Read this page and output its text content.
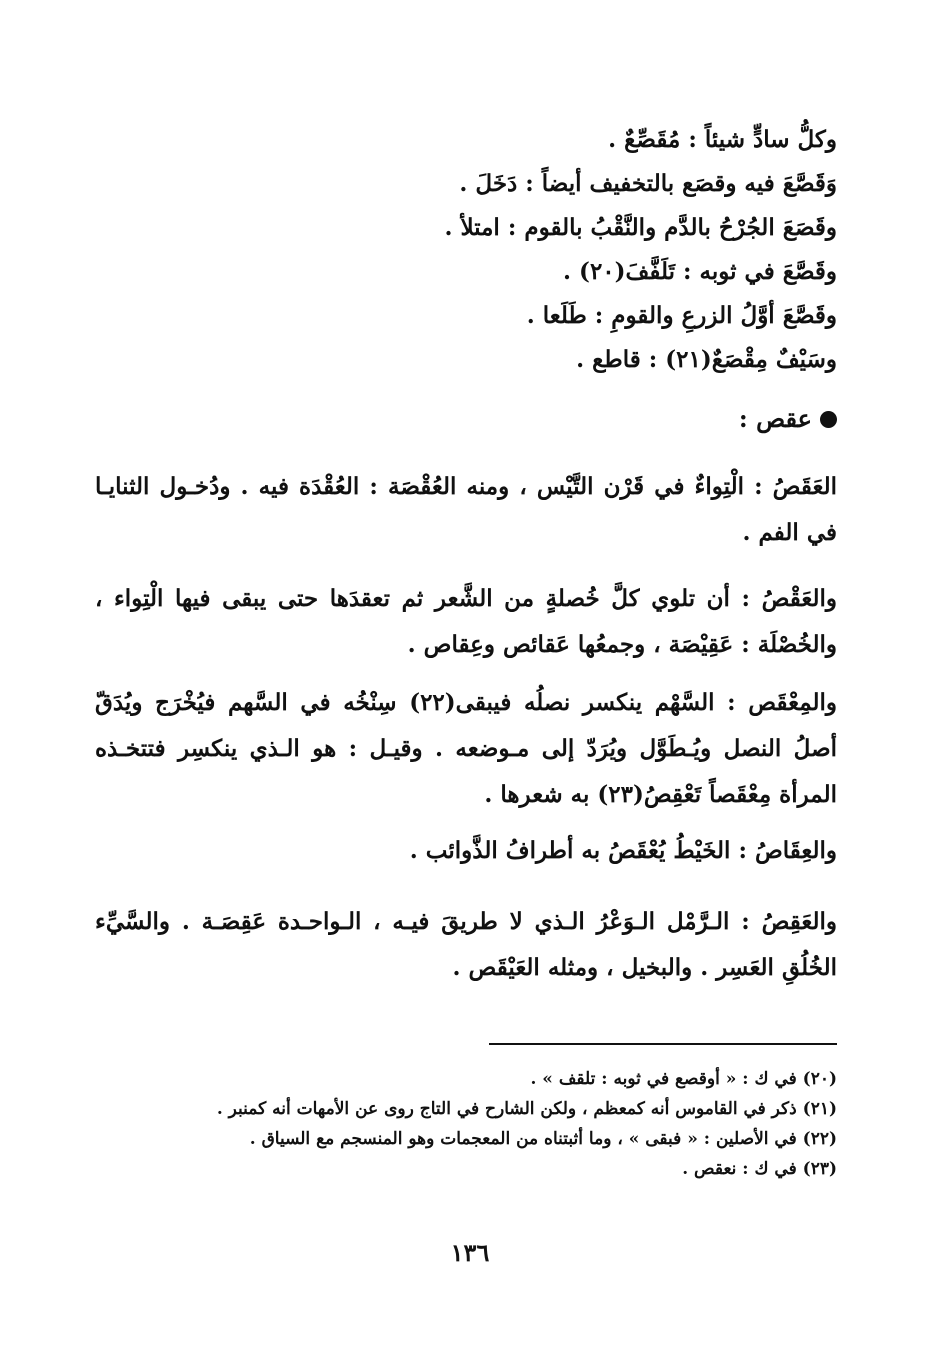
وكلُّ سادٍّ شيئاً : مُقَصِّعٌ .
وَقَصَّعَ فيه وقصَع بالتخفيف أيضاً : دَخَلَ .
وقَصَعَ الجُرْحُ بالدَّم والنَّقْبُ بالقوم : امتلأ .
وقَصَّعَ في ثوبه : تَلَفَّفَ(٢٠) .
وقَصَّعَ أوَّلُ الزرعِ والقومِ : طَلَعا .
وسَيْفٌ مِقْصَعٌ(٢١) : قاطع .
عقص :
العَقَصُ : الْتِواءٌ في قَرْن التَّيْس ، ومنه العُقْصَة : العُقْدَة فيه . ودُخـول الثنايـا في الفم .
والعَقْصُ : أن تلوي كلَّ خُصلةٍ من الشَّعر ثم تعقدَها حتى يبقى فيها الْتِواء ، والخُصْلَة : عَقِيْصَة ، وجمعُها عَقائص وعِقاص .
والمِعْقَص : السَّهْم ينكسر نصلُه فيبقى(٢٢) سِنْخُه في السَّهم فيُخْرَج ويُدَقّ أصلُ النصل ويُـطَوَّل ويُرَدّ إلى مـوضعه . وقيـل : هو الـذي ينكسِر فتتخـذه المرأة مِعْقَصاً تَعْقِصُ(٢٣) به شعرها .
والعِقَاصُ : الخَيْطُ يُعْقَصُ به أطرافُ الذَّوائب .
والعَقِصُ : الـرَّمْل الـوَعْرُ الـذي لا طريقَ فيـه ، الـواحـدة عَقِصَـة . والسَّيِّء الخُلُقِ العَسِر . والبخيل ، ومثله العَيْقَص .
(٢٠) في ك : « أوقصع في ثوبه : تلقف » .
(٢١) ذكر في القاموس أنه كمعظم ، ولكن الشارح في التاج روى عن الأمهات أنه كمنبر .
(٢٢) في الأصلين : « فبقى » ، وما أثبتناه من المعجمات وهو المنسجم مع السياق .
(٢٣) في ك : نعقص .
١٣٦
